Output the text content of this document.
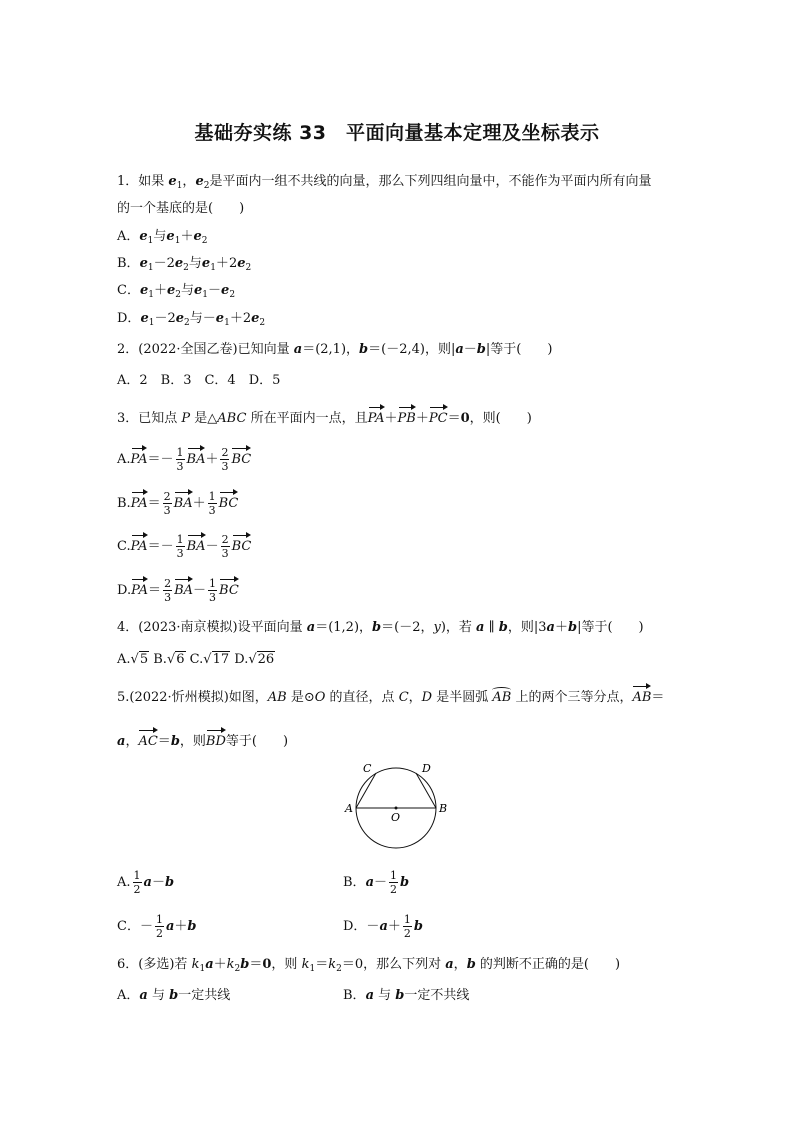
基础夯实练 33　平面向量基本定理及坐标表示
1．如果 $e_1$，$e_2$是平面内一组不共线的向量，那么下列四组向量中，不能作为平面内所有向量
的一个基底的是(　　)
A．$e_1$与$e_1+e_2$
B．$e_1-2e_2$与$e_1+2e_2$
C．$e_1+e_2$与$e_1-e_2$
D．$e_1-2e_2$与$-e_1+2e_2$
2．(2022·全国乙卷)已知向量 a＝(2,1)，b＝(－2,4)，则|a－b|等于(　　)
A．2　B．3　C．4　D．5
3．已知点 P 是△ABC 所在平面内一点，且PA＋PB＋PC＝0，则(　　)
$A.PA=- \frac{1}{3} BA+ \frac{2}{3}$ BC
$B.PA= \frac{2}{3} BA+ \frac{1}{3}$ BC
$C.PA=- \frac{1}{3} BA- \frac{2}{3}$ BC
$D.PA= \frac{2}{3} BA- \frac{1}{3}$ BC
4．(2023·南京模拟)设平面向量 a＝(1,2)，b＝(－2，y)，若 a ∥ b，则|3a＋b|等于(　　)
A.√5 B.√6 C.√17 D.√26
5.(2022·忻州模拟)如图，AB 是⊙O 的直径，点 C，D 是半圆弧 AB 上的两个三等分点，AB＝
a，AC＝b，则BD等于(　　)
C	D
A	B
O
A. $\frac{1}{2} a-b$	B．$a- \frac{1}{2}$ b
C．－ $\frac{1}{2} a+b$	D．$-a+ \frac{1}{2}$ b
6．(多选)若 $k_1a+k_2b=0$，则 $k_1=k_2=0$，那么下列对 a，b 的判断不正确的是(　　)
A．a 与 b一定共线	B．a 与 b一定不共线
